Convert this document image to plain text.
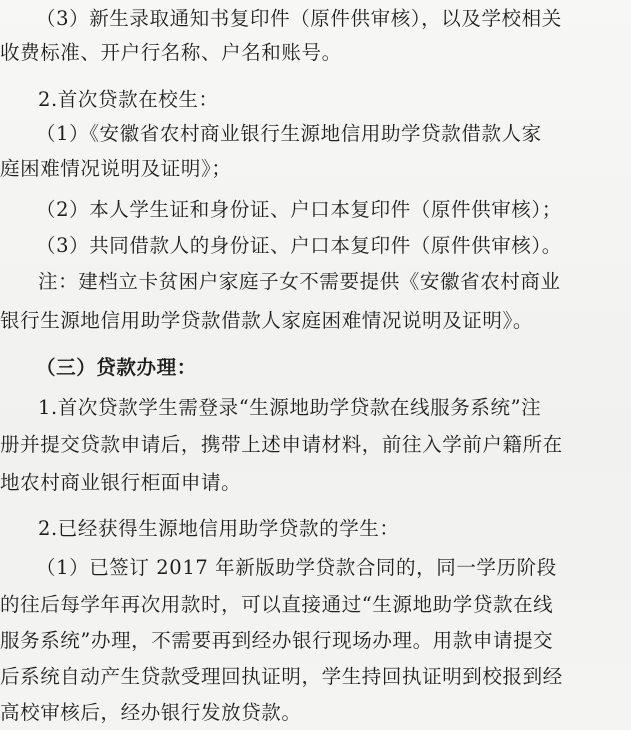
（3）新生录取通知书复印件（原件供审核），以及学校相关
收费标准、开户行名称、户名和账号。
2.首次贷款在校生：
（1）《安徽省农村商业银行生源地信用助学贷款借款人家
庭困难情况说明及证明》；
（2）本人学生证和身份证、户口本复印件（原件供审核）；
（3）共同借款人的身份证、户口本复印件（原件供审核）。
注：建档立卡贫困户家庭子女不需要提供《安徽省农村商业
银行生源地信用助学贷款借款人家庭困难情况说明及证明》。
（三）贷款办理：
1.首次贷款学生需登录“生源地助学贷款在线服务系统”注
册并提交贷款申请后，携带上述申请材料，前往入学前户籍所在
地农村商业银行柜面申请。
2.已经获得生源地信用助学贷款的学生：
（1）已签订 2017 年新版助学贷款合同的，同一学历阶段
的往后每学年再次用款时，可以直接通过“生源地助学贷款在线
服务系统”办理，不需要再到经办银行现场办理。用款申请提交
后系统自动产生贷款受理回执证明，学生持回执证明到校报到经
高校审核后，经办银行发放贷款。
